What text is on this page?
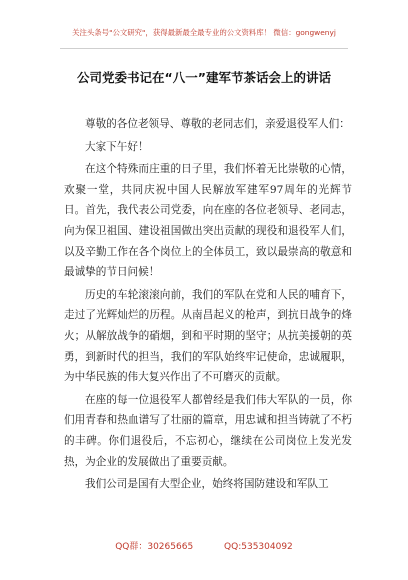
关注头条号"公文研究"，获得最新最全最专业的公文资料库！ 微信：gongwenyj
公司党委书记在“八一”建军节茶话会上的讲话

尊敬的各位老领导、尊敬的老同志们，亲爱退役军人们：

大家下午好！

在这个特殊而庄重的日子里，我们怀着无比崇敬的心情，欢聚一堂，共同庆祝中国人民解放军建军97周年的光辉节日。首先，我代表公司党委，向在座的各位老领导、老同志，向为保卫祖国、建设祖国做出突出贡献的现役和退役军人们，以及辛勤工作在各个岗位上的全体员工，致以最崇高的敬意和最诚挚的节日问候！

历史的车轮滚滚向前，我们的军队在党和人民的哺育下，走过了光辉灿烂的历程。从南昌起义的枪声，到抗日战争的烽火；从解放战争的硝烟，到和平时期的坚守；从抗美援朝的英勇，到新时代的担当，我们的军队始终牢记使命，忠诚履职，为中华民族的伟大复兴作出了不可磨灭的贡献。

在座的每一位退役军人都曾经是我们伟大军队的一员，你们用青春和热血谱写了壮丽的篇章，用忠诚和担当铸就了不朽的丰碑。你们退役后，不忘初心，继续在公司岗位上发光发热，为企业的发展做出了重要贡献。

我们公司是国有大型企业，始终将国防建设和军队工

QQ群：30265665	QQ:535304092
